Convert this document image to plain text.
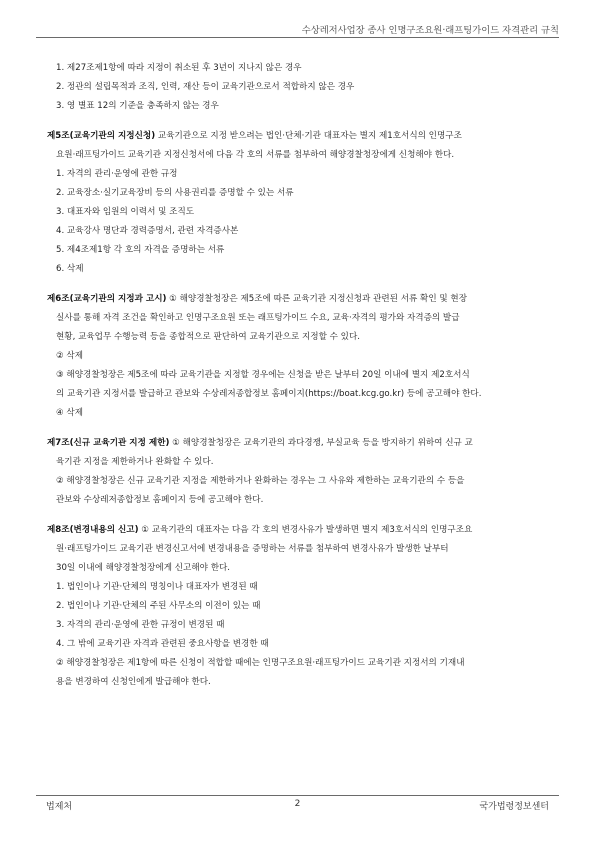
수상레저사업장 종사 인명구조요원·래프팅가이드 자격관리 규칙
1. 제27조제1항에 따라 지정이 취소된 후 3년이 지나지 않은 경우
2. 정관의 설립목적과 조직, 인력, 재산 등이 교육기관으로서 적합하지 않은 경우
3. 영 별표 12의 기준을 충족하지 않는 경우
제5조(교육기관의 지정신청) 교육기관으로 지정 받으려는 법인·단체·기관 대표자는 별지 제1호서식의 인명구조
요원·래프팅가이드 교육기관 지정신청서에 다음 각 호의 서류를 첨부하여 해양경찰청장에게 신청해야 한다.
1. 자격의 관리·운영에 관한 규정
2. 교육장소·실기교육장비 등의 사용권리를 증명할 수 있는 서류
3. 대표자와 임원의 이력서 및 조직도
4. 교육강사 명단과 경력증명서, 관련 자격증사본
5. 제4조제1항 각 호의 자격을 증명하는 서류
6. 삭제
제6조(교육기관의 지정과 고시) ① 해양경찰청장은 제5조에 따른 교육기관 지정신청과 관련된 서류 확인 및 현장
실사를 통해 자격 조건을 확인하고 인명구조요원 또는 래프팅가이드 수요, 교육·자격의 평가와 자격증의 발급
현황, 교육업무 수행능력 등을 종합적으로 판단하여 교육기관으로 지정할 수 있다.
② 삭제
③ 해양경찰청장은 제5조에 따라 교육기관을 지정할 경우에는 신청을 받은 날부터 20일 이내에 별지 제2호서식
의 교육기관 지정서를 발급하고 관보와 수상레저종합정보 홈페이지(https://boat.kcg.go.kr) 등에 공고해야 한다.
④ 삭제
제7조(신규 교육기관 지정 제한) ① 해양경찰청장은 교육기관의 과다경쟁, 부실교육 등을 방지하기 위하여 신규 교
육기관 지정을 제한하거나 완화할 수 있다.
② 해양경찰청장은 신규 교육기관 지정을 제한하거나 완화하는 경우는 그 사유와 제한하는 교육기관의 수 등을
관보와 수상레저종합정보 홈페이지 등에 공고해야 한다.
제8조(변경내용의 신고) ① 교육기관의 대표자는 다음 각 호의 변경사유가 발생하면 별지 제3호서식의 인명구조요
원·래프팅가이드 교육기관 변경신고서에 변경내용을 증명하는 서류를 첨부하여 변경사유가 발생한 날부터
30일 이내에 해양경찰청장에게 신고해야 한다.
1. 법인이나 기관·단체의 명칭이나 대표자가 변경된 때
2. 법인이나 기관·단체의 주된 사무소의 이전이 있는 때
3. 자격의 관리·운영에 관한 규정이 변경된 때
4. 그 밖에 교육기관 자격과 관련된 중요사항을 변경한 때
② 해양경찰청장은 제1항에 따른 신청이 적합할 때에는 인명구조요원·래프팅가이드 교육기관 지정서의 기재내
용을 변경하여 신청인에게 발급해야 한다.
법제처	2	국가법령정보센터
